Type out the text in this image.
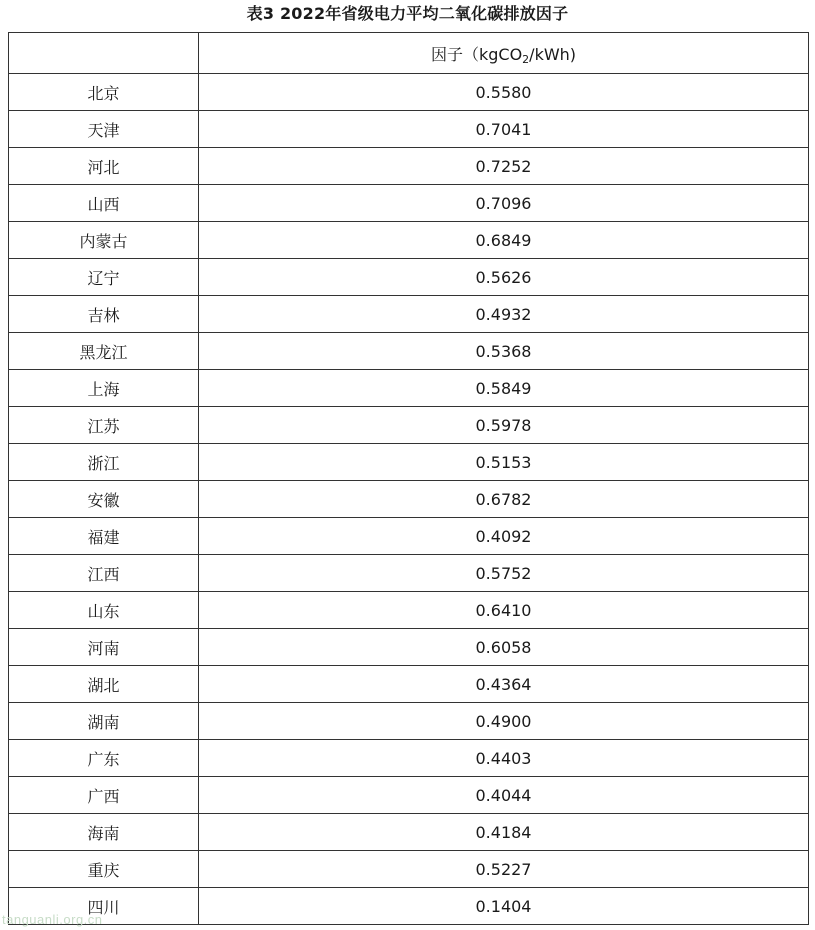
表3 2022年省级电力平均二氧化碳排放因子
	因子（kgCO$_2$/kWh)
北京	0.5580
天津	0.7041
河北	0.7252
山西	0.7096
内蒙古	0.6849
辽宁	0.5626
吉林	0.4932
黑龙江	0.5368
上海	0.5849
江苏	0.5978
浙江	0.5153
安徽	0.6782
福建	0.4092
江西	0.5752
山东	0.6410
河南	0.6058
湖北	0.4364
湖南	0.4900
广东	0.4403
广西	0.4044
海南	0.4184
重庆	0.5227
四川	0.1404
tanguanli.org.cn
